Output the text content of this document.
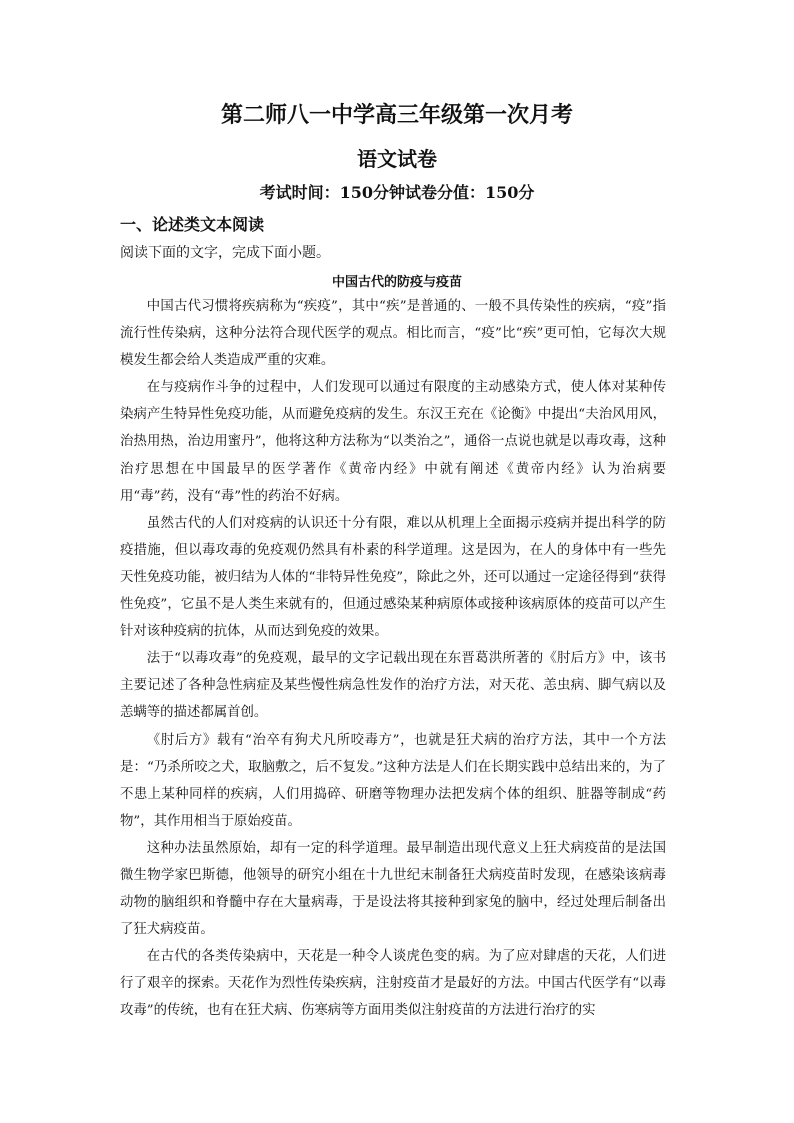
第二师八一中学高三年级第一次月考
语文试卷
考试时间：150分钟试卷分值：150分
一、论述类文本阅读
阅读下面的文字，完成下面小题。
中国古代的防疫与疫苗

中国古代习惯将疾病称为“疾疫”，其中“疾”是普通的、一般不具传染性的疾病，“疫”指流行性传染病，这种分法符合现代医学的观点。相比而言，“疫”比“疾”更可怕，它每次大规模发生都会给人类造成严重的灾难。

在与疫病作斗争的过程中，人们发现可以通过有限度的主动感染方式，使人体对某种传染病产生特异性免疫功能，从而避免疫病的发生。东汉王充在《论衡》中提出“夫治风用风，治热用热，治边用蜜丹”，他将这种方法称为“以类治之”，通俗一点说也就是以毒攻毒，这种治疗思想在中国最早的医学著作《黄帝内经》中就有阐述《黄帝内经》认为治病要用“毒”药，没有“毒”性的药治不好病。

虽然古代的人们对疫病的认识还十分有限，难以从机理上全面揭示疫病并提出科学的防疫措施，但以毒攻毒的免疫观仍然具有朴素的科学道理。这是因为，在人的身体中有一些先天性免疫功能，被归结为人体的“非特异性免疫”，除此之外，还可以通过一定途径得到“获得性免疫”，它虽不是人类生来就有的，但通过感染某种病原体或接种该病原体的疫苗可以产生针对该种疫病的抗体，从而达到免疫的效果。

法于“以毒攻毒”的免疫观，最早的文字记载出现在东晋葛洪所著的《肘后方》中，该书主要记述了各种急性病症及某些慢性病急性发作的治疗方法，对天花、恙虫病、脚气病以及恙螨等的描述都属首创。

《肘后方》载有“治卒有狗犬凡所咬毒方”，也就是狂犬病的治疗方法，其中一个方法是：“乃杀所咬之犬，取脑敷之，后不复发。”这种方法是人们在长期实践中总结出来的，为了不患上某种同样的疾病，人们用捣碎、研磨等物理办法把发病个体的组织、脏器等制成“药物”，其作用相当于原始疫苗。

这种办法虽然原始，却有一定的科学道理。最早制造出现代意义上狂犬病疫苗的是法国微生物学家巴斯德，他领导的研究小组在十九世纪末制备狂犬病疫苗时发现，在感染该病毒动物的脑组织和脊髓中存在大量病毒，于是设法将其接种到家兔的脑中，经过处理后制备出了狂犬病疫苗。

在古代的各类传染病中，天花是一种令人谈虎色变的病。为了应对肆虐的天花，人们进行了艰辛的探索。天花作为烈性传染疾病，注射疫苗才是最好的方法。中国古代医学有“以毒攻毒”的传统，也有在狂犬病、伤寒病等方面用类似注射疫苗的方法进行治疗的实
